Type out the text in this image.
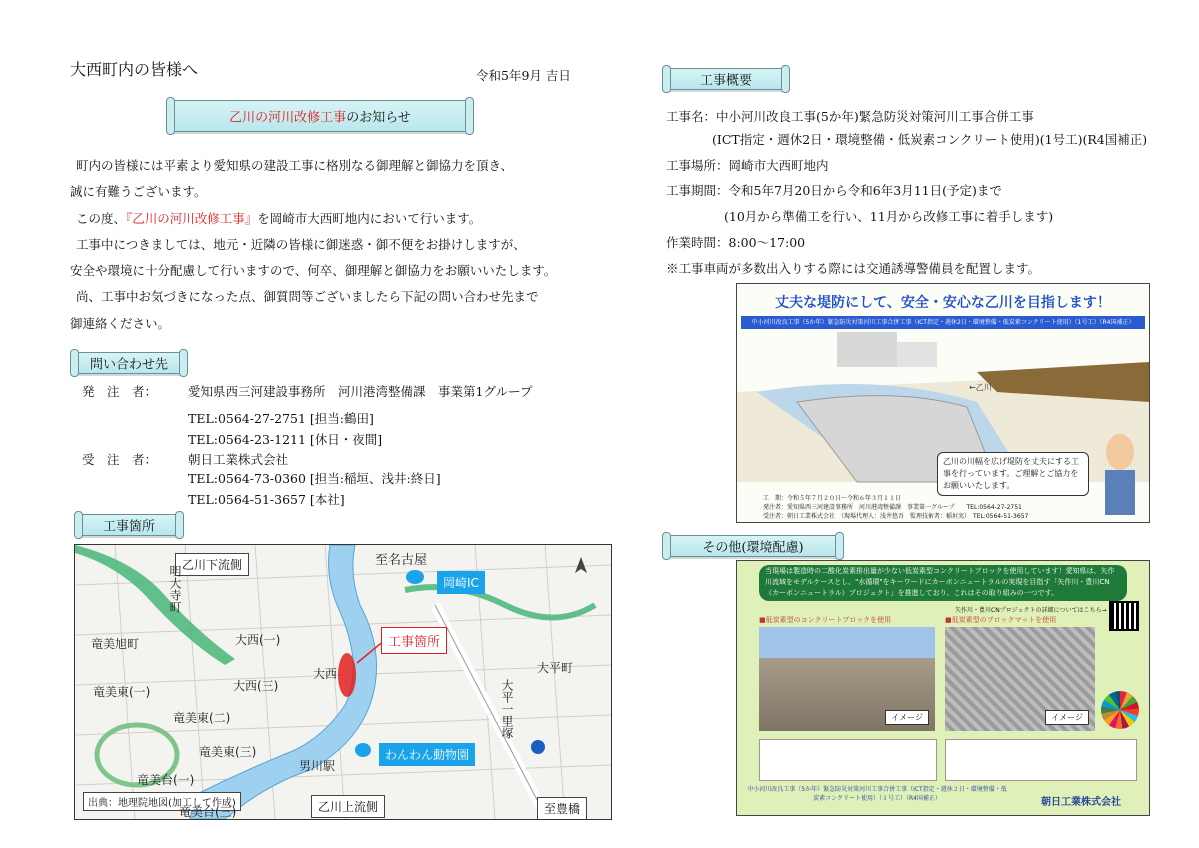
大西町内の皆様へ	令和5年9月 吉日
乙川の河川改修工事のお知らせ
町内の皆様には平素より愛知県の建設工事に格別なる御理解と御協力を頂き、
誠に有難うございます。
この度、『乙川の河川改修工事』を岡崎市大西町地内において行います。
工事中につきましては、地元・近隣の皆様に御迷惑・御不便をお掛けしますが、
安全や環境に十分配慮して行いますので、何卒、御理解と御協力をお願いいたします。
尚、工事中お気づきになった点、御質問等ございましたら下記の問い合わせ先まで
御連絡ください。
問い合わせ先
発　注　者： 愛知県西三河建設事務所　河川港湾整備課　事業第1グループ
TEL:0564-27-2751 [担当:鶴田]
TEL:0564-23-1211 [休日・夜間]
受　注　者： 朝日工業株式会社
TEL:0564-73-0360 [担当:稲垣、浅井:終日]
TEL:0564-51-3657 [本社]
工事箇所
乙川下流側	至名古屋
岡崎IC
工事箇所
わんわん動物園
出典：地理院地図(加工して作成)	乙川上流側	至豊橋
大西(一)
大西(三)
竜美旭町
竜美東(一)
竜美東(二)
竜美東(三)
竜美台(一)
竜美台(三)
大平町
大西
大平一里塚
男川駅
明大寺町
工事概要
工事名：中小河川改良工事(5か年)緊急防災対策河川工事合併工事
(ICT指定・週休2日・環境整備・低炭素コンクリート使用)(1号工)(R4国補正)
工事場所：岡崎市大西町地内
工事期間：令和5年7月20日から令和6年3月11日(予定)まで
(10月から準備工を行い、11月から改修工事に着手します)
作業時間：8:00〜17:00
※工事車両が多数出入りする際には交通誘導警備員を配置します。
丈夫な堤防にして、安全・安心な乙川を目指します！
中小河川改良工事（5か年）緊急防災対策河川工事合併工事（ICT指定・週休2日・環境整備・低炭素コンクリート使用）（1号工）（R4国補正）
←乙川
乙川の川幅を広げ堤防を丈夫にする工事を行っています。ご理解とご協力をお願いいたします。
工　期：令和５年７月２０日〜令和６年３月１１日
発注者：愛知県西三河建設事務所　河川港湾整備課　事業第一グループ　　TEL:0564-27-2751
受注者：朝日工業株式会社　（現場代理人：浅井悠吾　監理技術者：稲垣実）　TEL:0564-51-3657
その他(環境配慮)
当現場は製造時の二酸化炭素排出量が少ない低炭素型コンクリートブロックを使用しています！愛知県は、矢作川流域をモデルケースとし、"水循環"をキーワードにカーボンニュートラルの実現を目指す「矢作川・豊川CN（カーボンニュートラル）プロジェクト」を推進しており、これはその取り組みの一つです。
矢作川・豊川CNプロジェクトの詳細についてはこちら→
■低炭素型のコンクリートブロックを使用	■低炭素型のブロックマットを使用
イメージ	イメージ
中小河川改良工事（5か年）緊急防災対策河川工事合併工事（ICT指定・週休２日・環境整備・低炭素コンクリート使用）（１号工）（R4国補正）	朝日工業株式会社
